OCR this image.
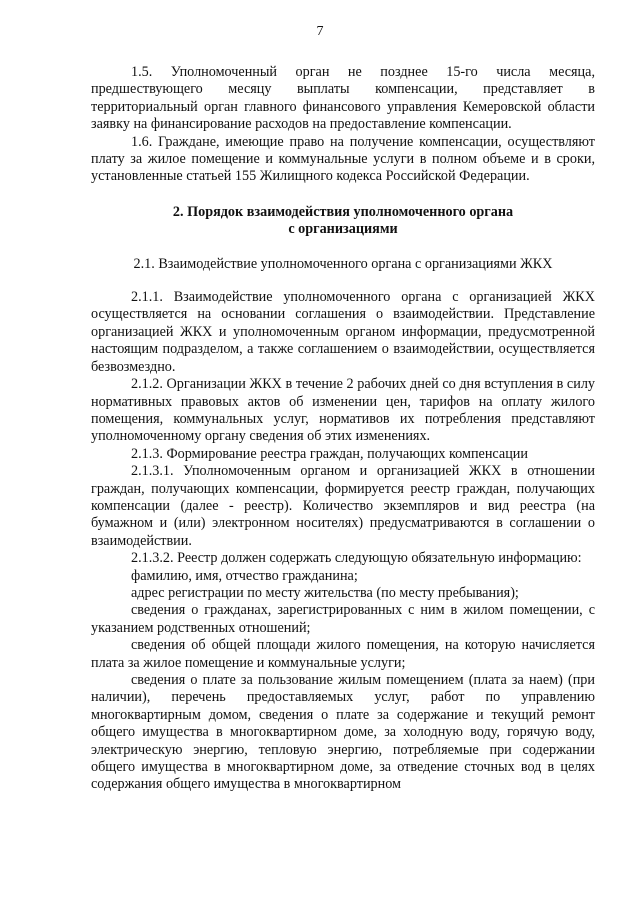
7

1.5. Уполномоченный орган не позднее 15-го числа месяца, предшествующего месяцу выплаты компенсации, представляет в территориальный орган главного финансового управления Кемеровской области заявку на финансирование расходов на предоставление компенсации.

1.6. Граждане, имеющие право на получение компенсации, осуществляют плату за жилое помещение и коммунальные услуги в полном объеме и в сроки, установленные статьей 155 Жилищного кодекса Российской Федерации.

2. Порядок взаимодействия уполномоченного органа

с организациями

2.1. Взаимодействие уполномоченного органа с организациями ЖКХ

2.1.1. Взаимодействие уполномоченного органа с организацией ЖКХ осуществляется на основании соглашения о взаимодействии. Представление организацией ЖКХ и уполномоченным органом информации, предусмотренной настоящим подразделом, а также соглашением о взаимодействии, осуществляется безвозмездно.

2.1.2. Организации ЖКХ в течение 2 рабочих дней со дня вступления в силу нормативных правовых актов об изменении цен, тарифов на оплату жилого помещения, коммунальных услуг, нормативов их потребления представляют уполномоченному органу сведения об этих изменениях.

2.1.3. Формирование реестра граждан, получающих компенсации

2.1.3.1. Уполномоченным органом и организацией ЖКХ в отношении граждан, получающих компенсации, формируется реестр граждан, получающих компенсации (далее - реестр). Количество экземпляров и вид реестра (на бумажном и (или) электронном носителях) предусматриваются в соглашении о взаимодействии.

2.1.3.2. Реестр должен содержать следующую обязательную информацию:

фамилию, имя, отчество гражданина;

адрес регистрации по месту жительства (по месту пребывания);

сведения о гражданах, зарегистрированных с ним в жилом помещении, с указанием родственных отношений;

сведения об общей площади жилого помещения, на которую начисляется плата за жилое помещение и коммунальные услуги;

сведения о плате за пользование жилым помещением (плата за наем) (при наличии), перечень предоставляемых услуг, работ по управлению многоквартирным домом, сведения о плате за содержание и текущий ремонт общего имущества в многоквартирном доме, за холодную воду, горячую воду, электрическую энергию, тепловую энергию, потребляемые при содержании общего имущества в многоквартирном доме, за отведение сточных вод в целях содержания общего имущества в многоквартирном
